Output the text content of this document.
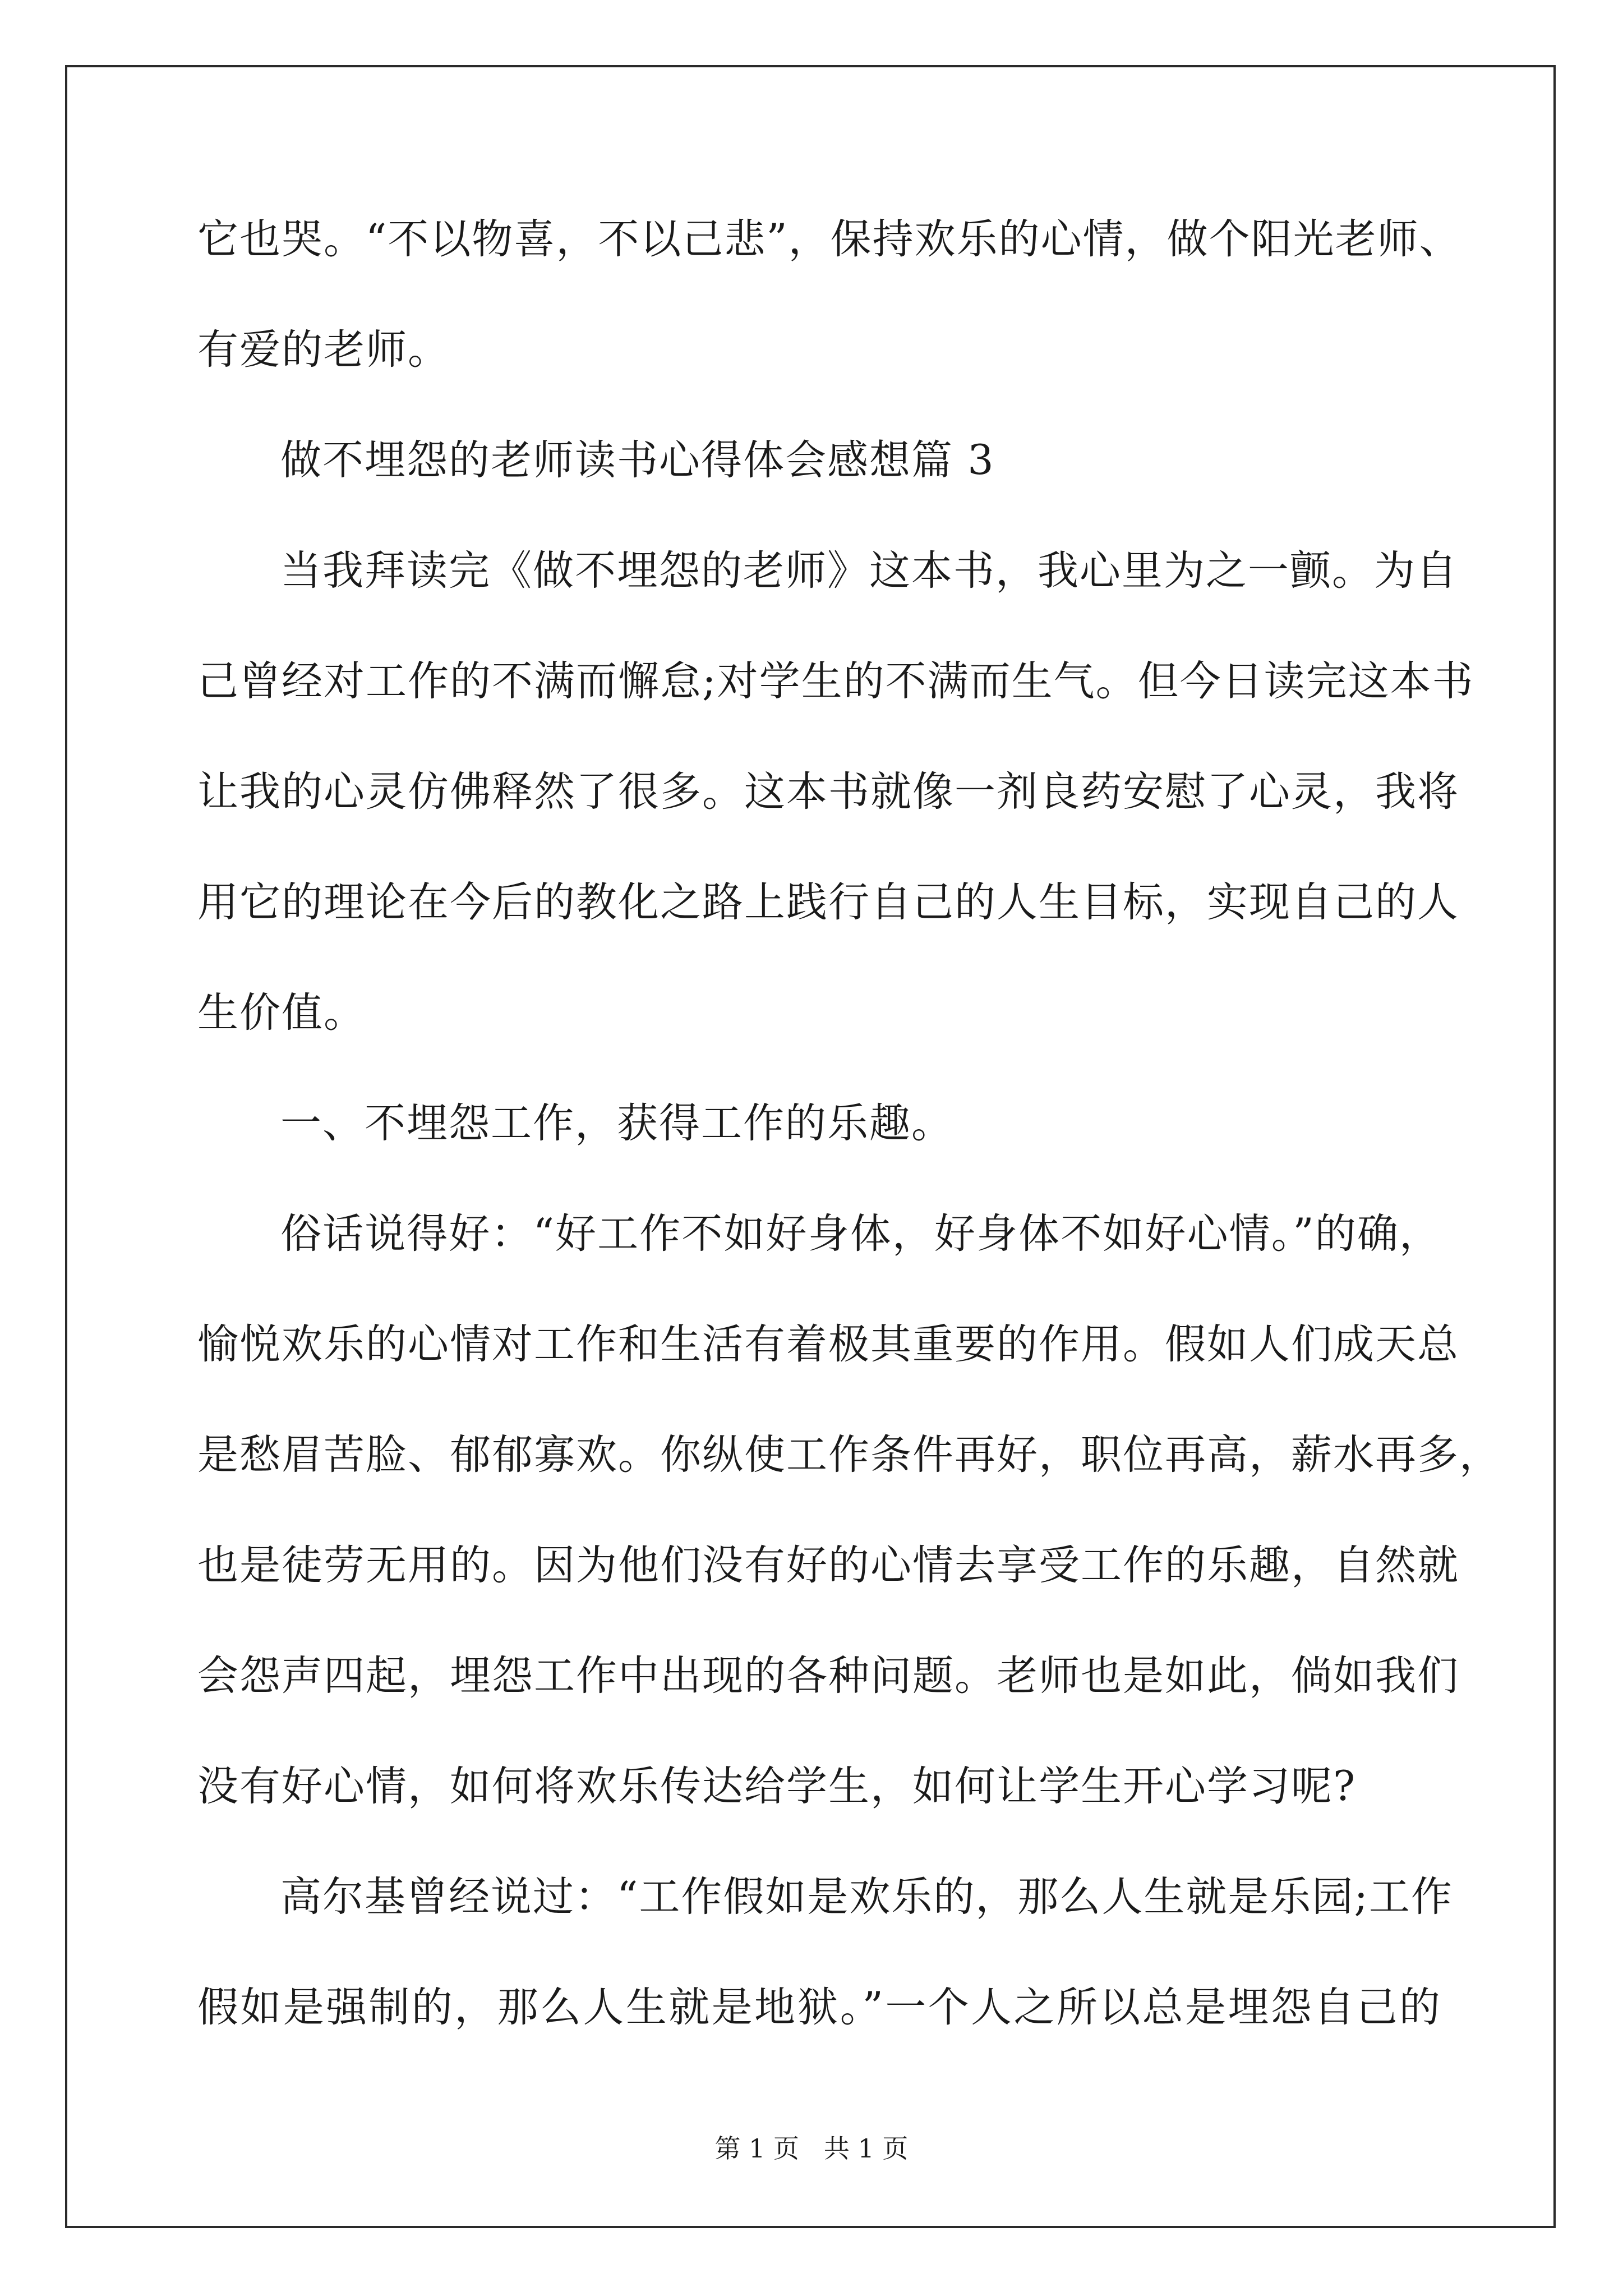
它也哭。“不以物喜，不以己悲”，保持欢乐的心情，做个阳光老师、
有爱的老师。
做不埋怨的老师读书心得体会感想篇 3
当我拜读完《做不埋怨的老师》这本书，我心里为之一颤。为自
己曾经对工作的不满而懈怠;对学生的不满而生气。但今日读完这本书
让我的心灵仿佛释然了很多。这本书就像一剂良药安慰了心灵，我将
用它的理论在今后的教化之路上践行自己的人生目标，实现自己的人
生价值。
一、不埋怨工作，获得工作的乐趣。
俗话说得好：“好工作不如好身体，好身体不如好心情。”的确，
愉悦欢乐的心情对工作和生活有着极其重要的作用。假如人们成天总
是愁眉苦脸、郁郁寡欢。你纵使工作条件再好，职位再高，薪水再多，
也是徒劳无用的。因为他们没有好的心情去享受工作的乐趣，自然就
会怨声四起，埋怨工作中出现的各种问题。老师也是如此，倘如我们
没有好心情，如何将欢乐传达给学生，如何让学生开心学习呢?
高尔基曾经说过：“工作假如是欢乐的，那么人生就是乐园;工作
假如是强制的，那么人生就是地狱。”一个人之所以总是埋怨自己的
第 1 页   共 1 页
